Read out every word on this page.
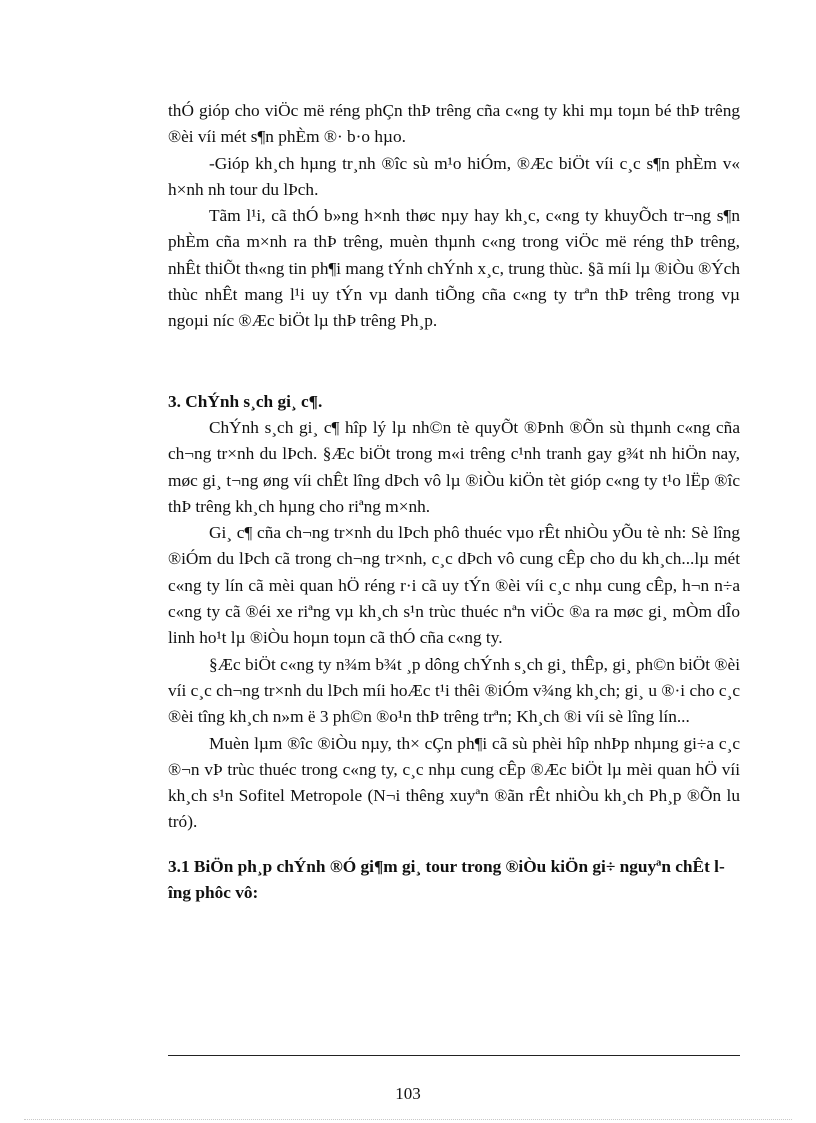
thÓ gióp cho viÖc më réng phÇn thÞ trêng cña c«ng ty khi mµ toµn bé thÞ trêng ®èi víi mét s¶n phÈm ®· b·o hµo.

-Gióp kh¸ch hµng tr¸nh ®îc sù m¹o hiÓm, ®Æc biÖt víi c¸c s¶n phÈm v« h×nh nh tour du lÞch.

Tãm l¹i, cã thÓ b»ng h×nh thøc nµy hay kh¸c, c«ng ty khuyÕch tr¬ng s¶n phÈm cña m×nh ra thÞ trêng, muèn thµnh c«ng trong viÖc më réng thÞ trêng, nhÊt thiÕt th«ng tin ph¶i mang tÝnh chÝnh x¸c, trung thùc. §ã míi lµ ®iÒu ®Ých thùc nhÊt mang l¹i uy tÝn vµ danh tiÕng cña c«ng ty trªn thÞ trêng trong vµ ngoµi níc ®Æc biÖt lµ thÞ trêng Ph¸p.

3. ChÝnh s¸ch gi¸ c¶.

ChÝnh s¸ch gi¸ c¶ hîp lý lµ nh©n tè quyÕt ®Þnh ®Õn sù thµnh c«ng cña ch¬ng tr×nh du lÞch. §Æc biÖt trong m«i trêng c¹nh tranh gay g¾t nh hiÖn nay, møc gi¸ t¬ng øng víi chÊt lîng dÞch vô lµ ®iÒu kiÖn tèt gióp c«ng ty t¹o lËp ®îc thÞ trêng kh¸ch hµng cho riªng m×nh.

Gi¸ c¶ cña ch¬ng tr×nh du lÞch phô thuéc vµo rÊt nhiÒu yÕu tè nh: Sè lîng ®iÓm du lÞch cã trong ch¬ng tr×nh, c¸c dÞch vô cung cÊp cho du kh¸ch...lµ mét c«ng ty lín cã mèi quan hÖ réng r·i cã uy tÝn ®èi víi c¸c nhµ cung cÊp, h¬n n÷a c«ng ty cã ®éi xe riªng vµ kh¸ch s¹n trùc thuéc nªn viÖc ®a ra møc gi¸ mÒm dÎo linh ho¹t lµ ®iÒu hoµn toµn cã thÓ cña c«ng ty.

§Æc biÖt c«ng ty n¾m b¾t ¸p dông chÝnh s¸ch gi¸ thÊp, gi¸ ph©n biÖt ®èi víi c¸c ch¬ng tr×nh du lÞch míi hoÆc t¹i thêi ®iÓm v¾ng kh¸ch; gi¸ u ®·i cho c¸c ®èi tîng kh¸ch n»m ë 3 ph©n ®o¹n thÞ trêng trªn; Kh¸ch ®i víi sè lîng lín...

Muèn lµm ®îc ®iÒu nµy, th× cÇn ph¶i cã sù phèi hîp nhÞp nhµng gi÷a c¸c ®¬n vÞ trùc thuéc trong c«ng ty, c¸c nhµ cung cÊp ®Æc biÖt lµ mèi quan hÖ víi kh¸ch s¹n Sofitel Metropole (N¬i thêng xuyªn ®ãn rÊt nhiÒu kh¸ch Ph¸p ®Õn lu tró).

3.1 BiÖn ph¸p chÝnh ®Ó gi¶m gi¸ tour trong ®iÒu kiÖn gi÷ nguyªn chÊt lîng phôc vô:
103
